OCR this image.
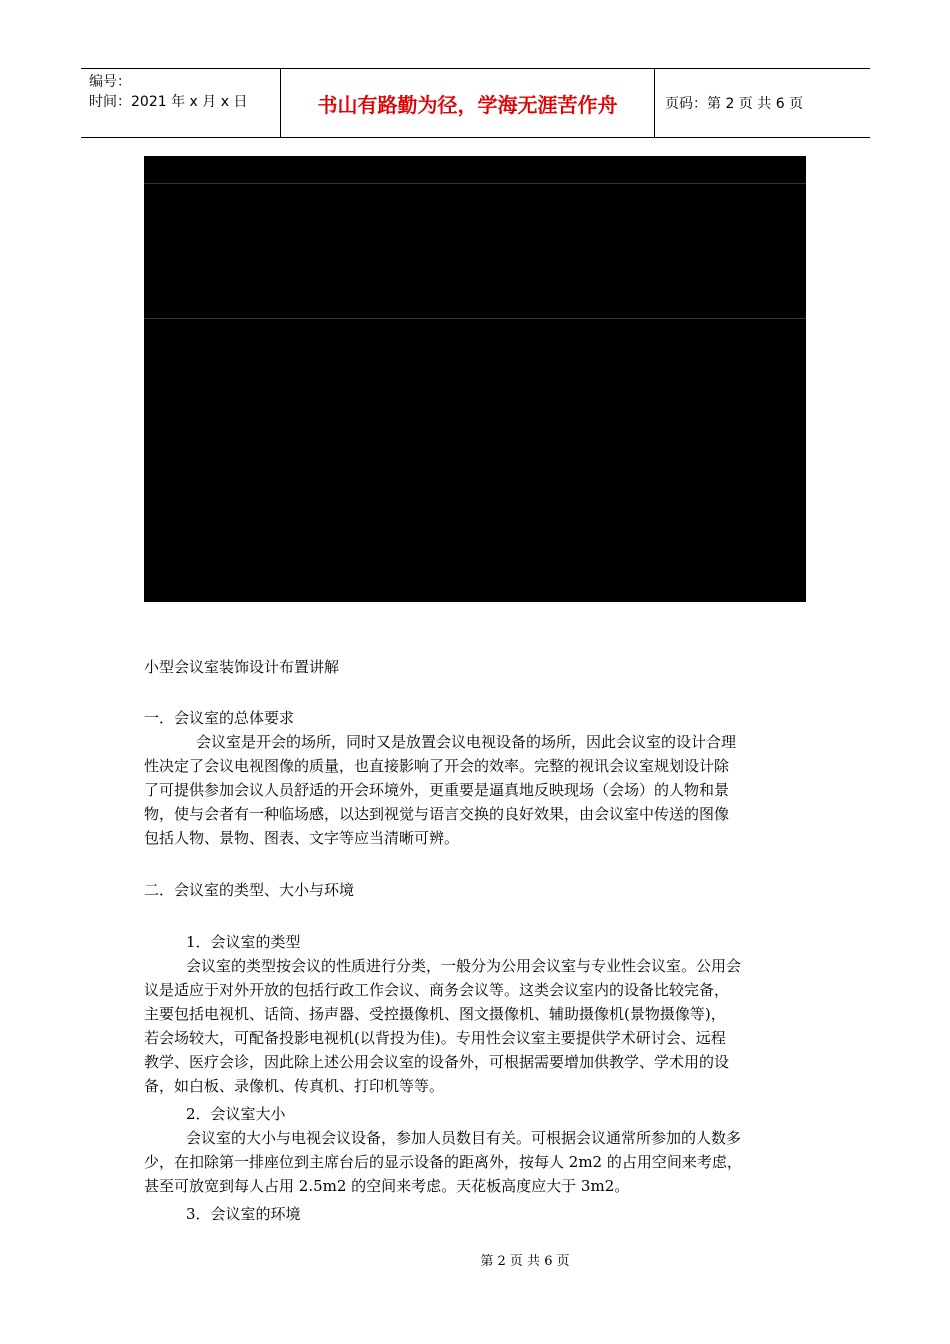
编号：
时间：2021 年 x 月 x 日	书山有路勤为径，学海无涯苦作舟	页码：第 2 页 共 6 页
3. 会议室声学要求
为保证声绝源与吸声效果，室内铺有地毯、天花板、四周墙壁内都装有隔音毯、窗户应采用双层玻璃，进出门应考虑隔间隔装置。
4. 会议室供电系统
为了保证会议室供电系统的安全可靠，以减少经电源途径带来的电气串扰，应采用三套供电系统。一套供电系统作为会议室照明用电；第二套供电系统作为整个终端设备、控制室设备的供电、并采用不中断电源系统（UPS）；第三套供电系统用于空调的设备的供电。
接地是电源系统中比较重要的问题。控制室或机房、会议室所需的地线，宜在控制室或机房设置的接地汇流排上引接。如果是单独设置接地体，接地电阻不应大于 4 欧姆；设置单独接地体有困难时，也可与其它接地系统合用接地体，接地电阻不应大于 0.3 欧姆。
小型会议室装饰设计布置讲解
一．会议室的总体要求
会议室是开会的场所，同时又是放置会议电视设备的场所，因此会议室的设计合理
性决定了会议电视图像的质量，也直接影响了开会的效率。完整的视讯会议室规划设计除
了可提供参加会议人员舒适的开会环境外，更重要是逼真地反映现场（会场）的人物和景
物，使与会者有一种临场感，以达到视觉与语言交换的良好效果，由会议室中传送的图像
包括人物、景物、图表、文字等应当清晰可辨。
二．会议室的类型、大小与环境
1．会议室的类型
会议室的类型按会议的性质进行分类，一般分为公用会议室与专业性会议室。公用会
议是适应于对外开放的包括行政工作会议、商务会议等。这类会议室内的设备比较完备，
主要包括电视机、话筒、扬声器、受控摄像机、图文摄像机、辅助摄像机(景物摄像等)，
若会场较大，可配备投影电视机(以背投为佳)。专用性会议室主要提供学术研讨会、远程
教学、医疗会诊，因此除上述公用会议室的设备外，可根据需要增加供教学、学术用的设
备，如白板、录像机、传真机、打印机等等。
2．会议室大小
会议室的大小与电视会议设备，参加人员数目有关。可根据会议通常所参加的人数多
少，在扣除第一排座位到主席台后的显示设备的距离外，按每人 2m2 的占用空间来考虑，
甚至可放宽到每人占用 2.5m2 的空间来考虑。天花板高度应大于 3m2。
3．会议室的环境
第 2 页 共 6 页
